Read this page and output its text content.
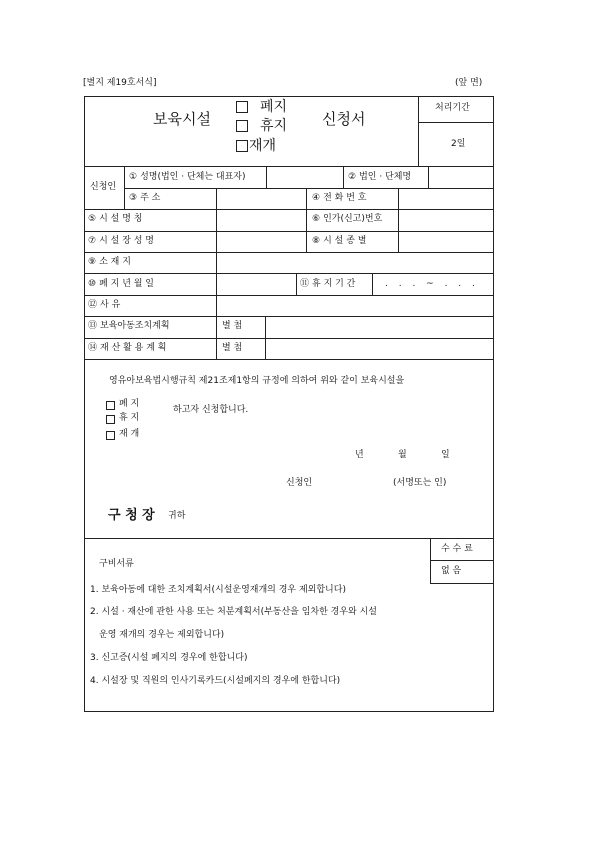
[별지 제19호서식]	(앞 면)
보육시설
폐지
휴지
재개
신청서
처리기간
2일
신청인
① 성명(법인 · 단체는 대표자)	② 법인 · 단체명
③ 주 소	④ 전 화 번 호
⑤ 시 설 명 칭	⑥ 인가(신고)번호
⑦ 시 설 장 성 명	⑧ 시 설 종 별
⑨ 소 재 지
⑩ 폐 지 년 월 일	⑪ 휴 지 기 간	. . . ~ . . .
⑫ 사 유
⑬ 보육아동조치계획	별 첨
⑭ 재 산 활 용 계 획	별 첨
영유아보육법시행규칙 제21조제1항의 규정에 의하여 위와 같이 보육시설을
폐 지
휴 지
재 개
하고자 신청합니다.
년	월	일
신청인	(서명또는 인)
구 청 장 귀하
수 수 료
없 음
구비서류
1. 보육아동에 대한 조치계획서(시설운영재개의 경우 제외합니다)
2. 시설 · 재산에 관한 사용 또는 처분계획서(부동산을 임차한 경우와 시설
운영 재개의 경우는 제외합니다)
3. 신고증(시설 폐지의 경우에 한합니다)
4. 시설장 및 직원의 인사기록카드(시설폐지의 경우에 한합니다)
